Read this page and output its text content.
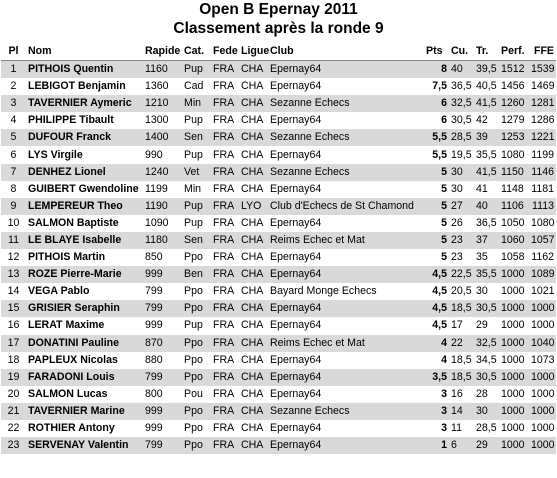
Open B Epernay 2011
Classement après la ronde 9
Pl	Nom	Rapide	Cat.	Fede	Ligue	Club	Pts	Cu.	Tr.	Perf.	FFE
1	PITHOIS Quentin	1160	Pup	FRA	CHA	Epernay64	8	40	39,5	1512	1539
2	LEBIGOT Benjamin	1360	Cad	FRA	CHA	Epernay64	7,5	36,5	40,5	1456	1469
3	TAVERNIER Aymeric	1210	Min	FRA	CHA	Sezanne Echecs	6	32,5	41,5	1260	1281
4	PHILIPPE Tibault	1300	Pup	FRA	CHA	Epernay64	6	30,5	42	1279	1286
5	DUFOUR Franck	1400	Sen	FRA	CHA	Sezanne Echecs	5,5	28,5	39	1253	1221
6	LYS Virgile	990	Pup	FRA	CHA	Epernay64	5,5	19,5	35,5	1080	1199
7	DENHEZ Lionel	1240	Vet	FRA	CHA	Sezanne Echecs	5	30	41,5	1150	1146
8	GUIBERT Gwendoline	1199	Min	FRA	CHA	Epernay64	5	30	41	1148	1181
9	LEMPEREUR Theo	1190	Pup	FRA	LYO	Club d'Echecs de St Chamond	5	27	40	1106	1113
10	SALMON Baptiste	1090	Pup	FRA	CHA	Epernay64	5	26	36,5	1050	1080
11	LE BLAYE Isabelle	1180	Sen	FRA	CHA	Reims Echec et Mat	5	23	37	1060	1057
12	PITHOIS Martin	850	Ppo	FRA	CHA	Epernay64	5	23	35	1058	1162
13	ROZE Pierre-Marie	999	Ben	FRA	CHA	Epernay64	4,5	22,5	35,5	1000	1089
14	VEGA Pablo	799	Ppo	FRA	CHA	Bayard Monge Echecs	4,5	20,5	30	1000	1021
15	GRISIER Seraphin	799	Ppo	FRA	CHA	Epernay64	4,5	18,5	30,5	1000	1000
16	LERAT Maxime	999	Pup	FRA	CHA	Epernay64	4,5	17	29	1000	1000
17	DONATINI Pauline	870	Ppo	FRA	CHA	Reims Echec et Mat	4	22	32,5	1000	1040
18	PAPLEUX Nicolas	880	Ppo	FRA	CHA	Epernay64	4	18,5	34,5	1000	1073
19	FARADONI Louis	799	Ppo	FRA	CHA	Epernay64	3,5	18,5	30,5	1000	1000
20	SALMON Lucas	800	Pou	FRA	CHA	Epernay64	3	16	28	1000	1000
21	TAVERNIER Marine	999	Ppo	FRA	CHA	Sezanne Echecs	3	14	30	1000	1000
22	ROTHIER Antony	999	Ppo	FRA	CHA	Epernay64	3	11	28,5	1000	1000
23	SERVENAY Valentin	799	Ppo	FRA	CHA	Epernay64	1	6	29	1000	1000
